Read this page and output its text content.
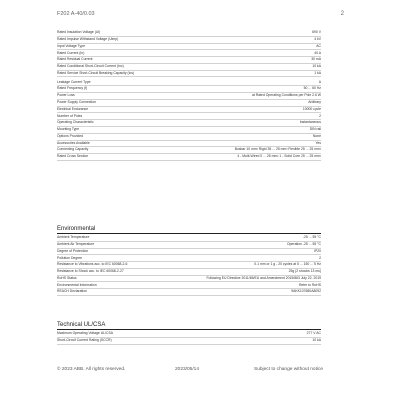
F202 A-40/0.03	2
Rated Insulation Voltage (Ui)	690 V
Rated Impulse Withstand Voltage (Uimp)	4 kV
Input Voltage Type	AC
Rated Current (In)	40 A
Rated Residual Current	30 mA
Rated Conditional Short-Circuit Current (Inc)	10 kA
Rated Service Short-Circuit Breaking Capacity (Ics)	1 kA
Leakage Current Type	A
Rated Frequency (f)	50 ... 60 Hz
Power Loss	at Rated Operating Conditions per Pole 2.6 W
Power Supply Connection	Arbitrary
Electrical Endurance	10000 cycle
Number of Poles	2
Operating Characteristic	Instantaneous
Mounting Type	DIN rail
Options Provided	None
Accessories Available	Yes
Connecting Capacity	Busbar 10 mm² Rigid 35 ... 25 mm² Flexible 25 ... 25 mm²
Rated Cross Section	4 - Multi-Wired 0 ... 25 mm² 1 - Solid Core 25 ... 25 mm²
Environmental
Ambient Temperature	-25 ... 55 °C
Ambient Air Temperature	Operation -25 ... 55 °C
Degree of Protection	IP20
Pollution Degree	2
Resistance to Vibrations acc. to IEC 60068-2-6	0.1 mm or 1 g - 20 cycles at 5 ... 150 ... 5 Hz
Resistance to Shock acc. to IEC 60068-2-27	25g (2 shocks 13 ms)
RoHS Status	Following EU Directive 2011/65/EU and Amendment 2015/863 July 22, 2019
Environmental Information	Refer to RoHS
REACH Declaration	9AKK107680A8092
Technical UL/CSA
Maximum Operating Voltage UL/CSA	277 V AC
Short-Circuit Current Rating (SCCR)	10 kA
© 2023 ABB. All rights reserved.	2023/05/14	Subject to change without notice
